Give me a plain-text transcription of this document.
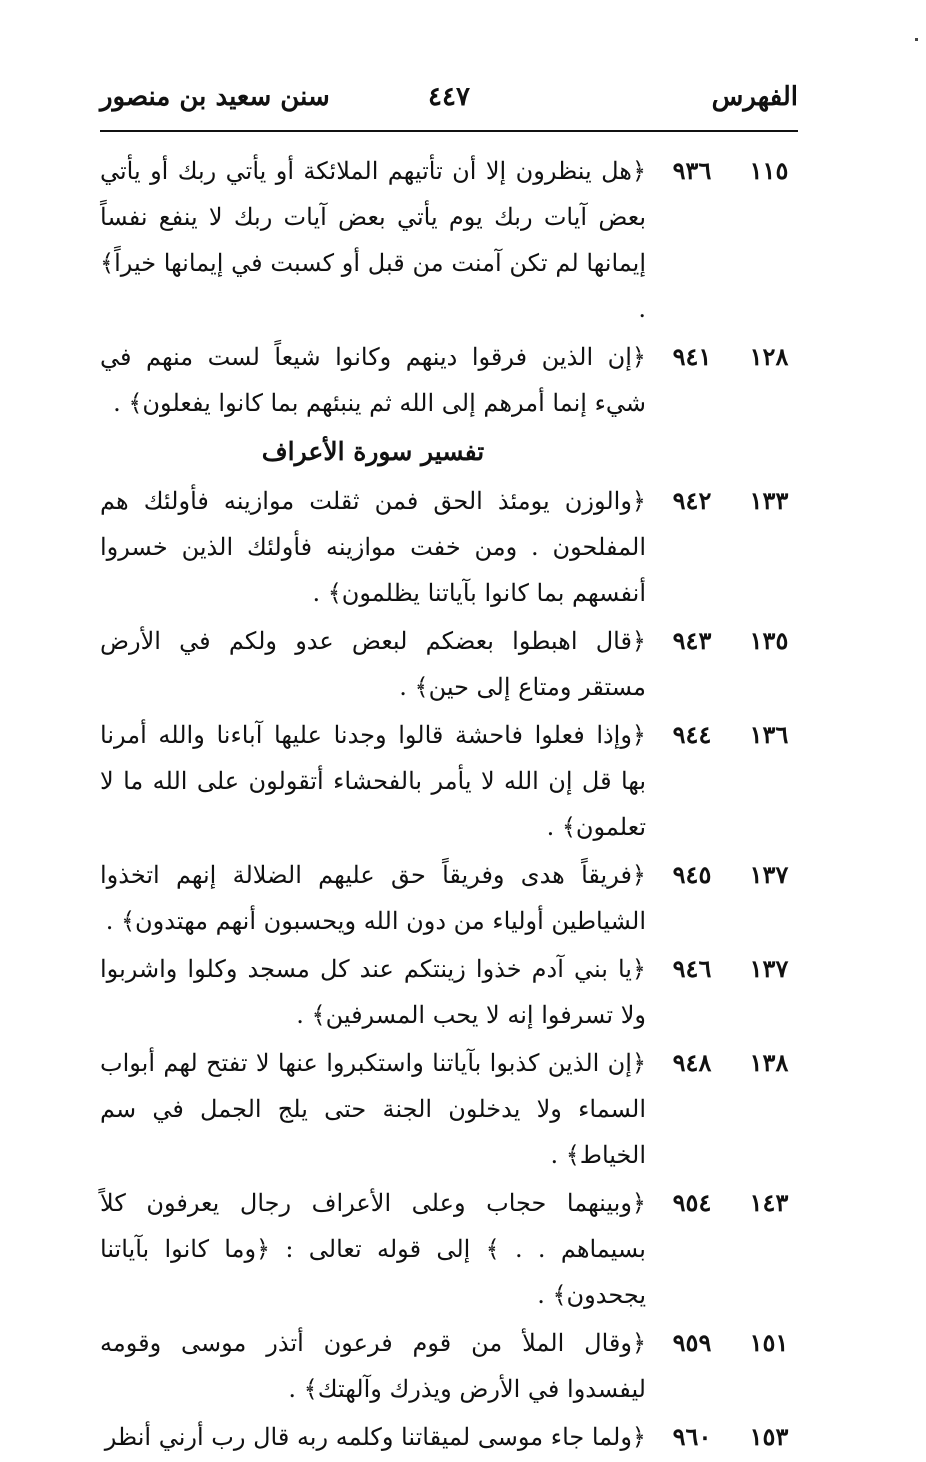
الفهرس
٤٤٧
سنن سعيد بن منصور
١١٥
٩٣٦
﴿هل ينظرون إلا أن تأتيهم الملائكة أو يأتي ربك أو يأتي بعض آيات ربك يوم يأتي بعض آيات ربك لا ينفع نفساً إيمانها لم تكن آمنت من قبل أو كسبت في إيمانها خيراً﴾ .
١٢٨
٩٤١
﴿إن الذين فرقوا دينهم وكانوا شيعاً لست منهم في شيء إنما أمرهم إلى الله ثم ينبئهم بما كانوا يفعلون﴾ .
تفسير سورة الأعراف
١٣٣
٩٤٢
﴿والوزن يومئذ الحق فمن ثقلت موازينه فأولئك هم المفلحون . ومن خفت موازينه فأولئك الذين خسروا أنفسهم بما كانوا بآياتنا يظلمون﴾ .
١٣٥
٩٤٣
﴿قال اهبطوا بعضكم لبعض عدو ولكم في الأرض مستقر ومتاع إلى حين﴾ .
١٣٦
٩٤٤
﴿وإذا فعلوا فاحشة قالوا وجدنا عليها آباءنا والله أمرنا بها قل إن الله لا يأمر بالفحشاء أتقولون على الله ما لا تعلمون﴾ .
١٣٧
٩٤٥
﴿فريقاً هدى وفريقاً حق عليهم الضلالة إنهم اتخذوا الشياطين أولياء من دون الله ويحسبون أنهم مهتدون﴾ .
١٣٧
٩٤٦
﴿يا بني آدم خذوا زينتكم عند كل مسجد وكلوا واشربوا ولا تسرفوا إنه لا يحب المسرفين﴾ .
١٣٨
٩٤٨
﴿إن الذين كذبوا بآياتنا واستكبروا عنها لا تفتح لهم أبواب السماء ولا يدخلون الجنة حتى يلج الجمل في سم الخياط﴾ .
١٤٣
٩٥٤
﴿وبينهما حجاب وعلى الأعراف رجال يعرفون كلاً بسيماهم . . ﴾ إلى قوله تعالى : ﴿وما كانوا بآياتنا يجحدون﴾ .
١٥١
٩٥٩
﴿وقال الملأ من قوم فرعون أتذر موسى وقومه ليفسدوا في الأرض ويذرك وآلهتك﴾ .
١٥٣
٩٦٠
﴿ولما جاء موسى لميقاتنا وكلمه ربه قال رب أرني أنظر
